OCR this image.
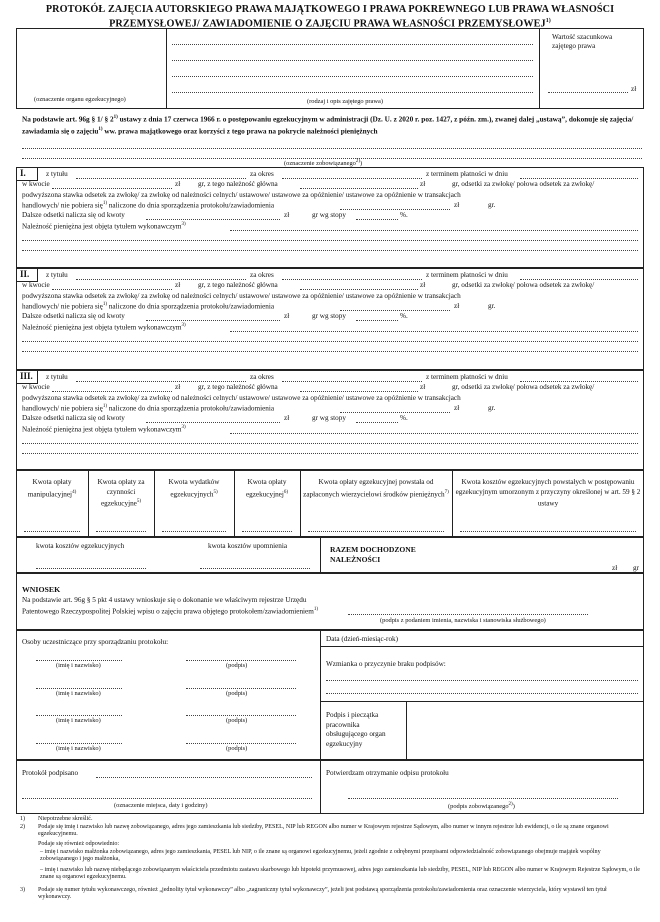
PROTOKÓŁ ZAJĘCIA AUTORSKIEGO PRAWA MAJĄTKOWEGO I PRAWA POKREWNEGO LUB PRAWA WŁASNOŚCI
PRZEMYSŁOWEJ/ ZAWIADOMIENIE O ZAJĘCIU PRAWA WŁASNOŚCI PRZEMYSŁOWEJ$^{1)}$
(oznaczenie organu egzekucyjnego)	(rodzaj i opis zajętego prawa)
Wartość szacunkowa zajętego prawa
zł
Na podstawie art. 96g § 1/ § 2$^{1)}$ ustawy z dnia 17 czerwca 1966 r. o postępowaniu egzekucyjnym w administracji (Dz. U. z 2020 r. poz. 1427, z późn. zm.), zwanej dalej „ustawą”, dokonuje się zajęcia/ zawiadamia się o zajęciu$^{1)}$ ww. prawa majątkowego oraz korzyści z tego prawa na pokrycie należności pieniężnych
(oznaczenie zobowiązanego$^{2)}$)
I.	z tytułu	za okres	z terminem płatności w dniu
w kwocie	zł gr, z tego należność główna	zł	gr, odsetki za zwłokę/ połowa odsetek za zwłokę/
podwyższona stawka odsetek za zwłokę/ za zwłokę od należności celnych/ ustawowe/ ustawowe za opóźnienie/ ustawowe za opóźnienie w transakcjach
handlowych/ nie pobiera się$^{1)}$ naliczone do dnia sporządzenia protokołu/zawiadomienia	zł	gr.
Dalsze odsetki nalicza się od kwoty	zł	gr wg stopy	%.
Należność pieniężna jest objęta tytułem wykonawczym$^{3)}$
II. z tytułu	za okres	z terminem płatności w dniu
w kwocie	zł gr, z tego należność główna	zł	gr, odsetki za zwłokę/ połowa odsetek za zwłokę/
podwyższona stawka odsetek za zwłokę/ za zwłokę od należności celnych/ ustawowe/ ustawowe za opóźnienie/ ustawowe za opóźnienie w transakcjach
handlowych/ nie pobiera się$^{1)}$ naliczone do dnia sporządzenia protokołu/zawiadomienia	zł	gr.
Dalsze odsetki nalicza się od kwoty	zł	gr wg stopy	%.
Należność pieniężna jest objęta tytułem wykonawczym$^{3)}$
III. z tytułu	za okres	z terminem płatności w dniu
w kwocie	zł gr, z tego należność główna	zł	gr, odsetki za zwłokę/ połowa odsetek za zwłokę/
podwyższona stawka odsetek za zwłokę/ za zwłokę od należności celnych/ ustawowe/ ustawowe za opóźnienie/ ustawowe za opóźnienie w transakcjach
handlowych/ nie pobiera się$^{1)}$ naliczone do dnia sporządzenia protokołu/zawiadomienia	zł	gr.
Dalsze odsetki nalicza się od kwoty	zł	gr wg stopy	%.
Należność pieniężna jest objęta tytułem wykonawczym$^{3)}$
Kwota opłaty manipulacyjnej$^{4)}$
Kwota opłaty za czynności egzekucyjne$^{5)}$
Kwota wydatków egzekucyjnych$^{5)}$
Kwota opłaty egzekucyjnej$^{6)}$
Kwota opłaty egzekucyjnej powstała od zapłaconych wierzycielowi środków pieniężnych$^{7)}$
Kwota kosztów egzekucyjnych powstałych w postępowaniu egzekucyjnym umorzonym z przyczyny określonej w art. 59 § 2 ustawy
kwota kosztów egzekucyjnych	kwota kosztów upomnienia	RAZEM DOCHODZONE NALEŻNOŚCI
zł gr
WNIOSEK
Na podstawie art. 96g § 5 pkt 4 ustawy wnioskuje się o dokonanie we właściwym rejestrze Urzędu Patentowego Rzeczypospolitej Polskiej wpisu o zajęciu prawa objętego protokołem/zawiadomieniem$^{1)}$
(podpis z podaniem imienia, nazwiska i stanowiska służbowego)
Osoby uczestniczące przy sporządzaniu protokołu:
(imię i nazwisko)	(podpis)
(imię i nazwisko)	(podpis)
(imię i nazwisko)	(podpis)
(imię i nazwisko)	(podpis)
Data (dzień-miesiąc-rok)
Wzmianka o przyczynie braku podpisów:
Podpis i pieczątka pracownika obsługującego organ egzekucyjny
Protokół podpisano
(oznaczenie miejsca, daty i godziny)
Potwierdzam otrzymanie odpisu protokołu
(podpis zobowiązanego$^{2)}$)
1)	Niepotrzebne skreślić.
2)	Podaje się imię i nazwisko lub nazwę zobowiązanego, adres jego zamieszkania lub siedziby, PESEL, NIP lub REGON albo numer w Krajowym rejestrze Sądowym, albo numer w innym rejestrze lub ewidencji, o ile są znane organowi egzekucyjnemu.
Podaje się również odpowiednio:
– imię i nazwisko małżonka zobowiązanego, adres jego zamieszkania, PESEL lub NIP, o ile znane są organowi egzekucyjnemu, jeżeli zgodnie z odrębnymi przepisami odpowiedzialność zobowiązanego obejmuje majątek wspólny zobowiązanego i jego małżonka,
– imię i nazwisko lub nazwę niebędącego zobowiązanym właściciela przedmiotu zastawu skarbowego lub hipoteki przymusowej, adres jego zamieszkania lub siedziby, PESEL, NIP lub REGON albo numer w Krajowym Rejestrze Sądowym, o ile znane są organowi egzekucyjnemu.
3)	Podaje się numer tytułu wykonawczego, również „jednolity tytuł wykonawczy” albo „zagraniczny tytuł wykonawczy”, jeżeli jest podstawą sporządzenia protokołu/zawiadomienia oraz oznaczenie wierzyciela, który wystawił ten tytuł wykonawczy.
